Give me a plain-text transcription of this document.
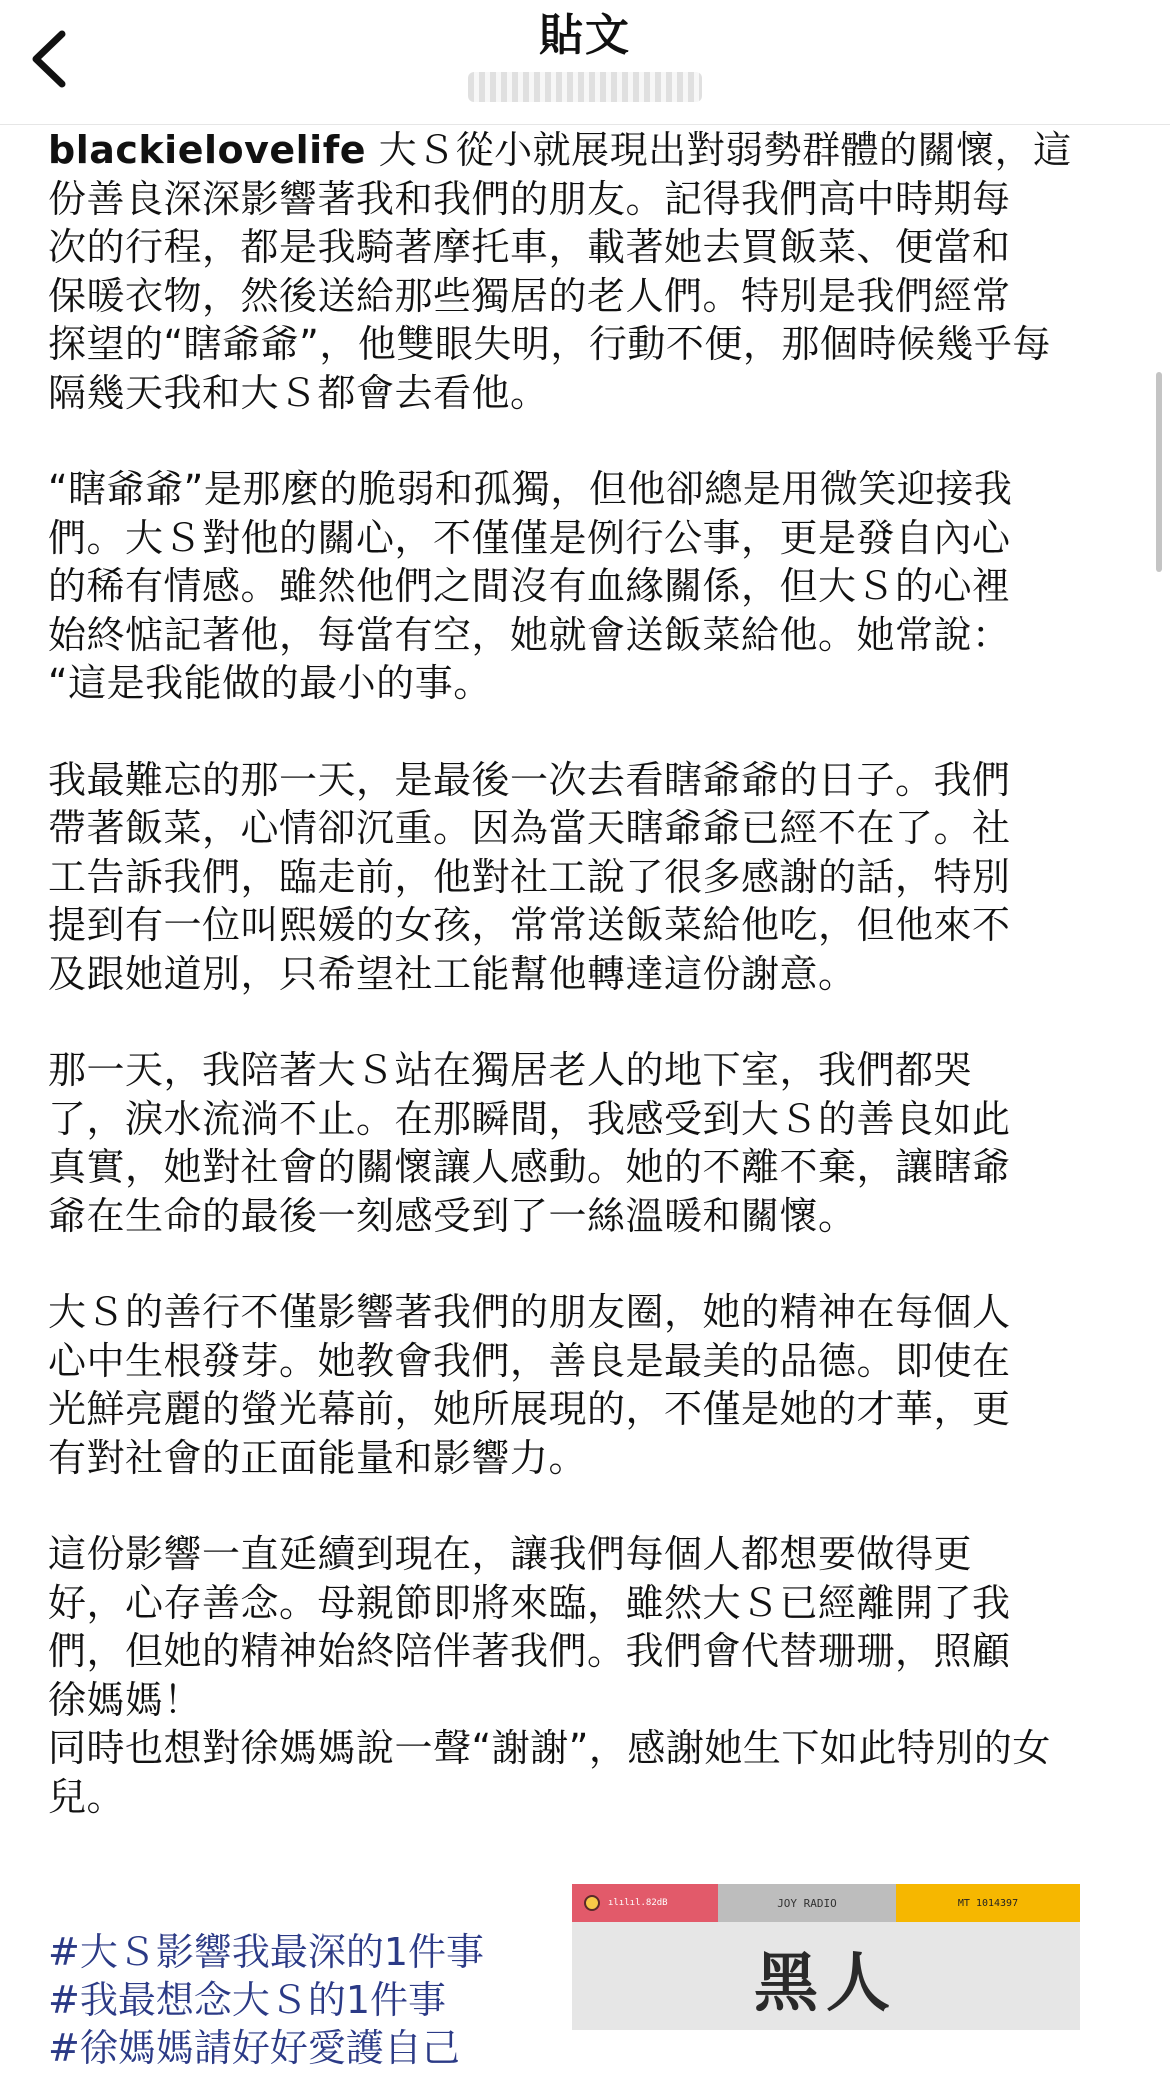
貼文

blackielovelife 大Ｓ從小就展現出對弱勢群體的關懷，這
份善良深深影響著我和我們的朋友。記得我們高中時期每
次的行程，都是我騎著摩托車，載著她去買飯菜、便當和
保暖衣物，然後送給那些獨居的老人們。特別是我們經常
探望的“瞎爺爺”，他雙眼失明，行動不便，那個時候幾乎每
隔幾天我和大Ｓ都會去看他。

“瞎爺爺”是那麼的脆弱和孤獨，但他卻總是用微笑迎接我
們。大Ｓ對他的關心，不僅僅是例行公事，更是發自內心
的稀有情感。雖然他們之間沒有血緣關係，但大Ｓ的心裡
始終惦記著他，每當有空，她就會送飯菜給他。她常說：
“這是我能做的最小的事。

我最難忘的那一天，是最後一次去看瞎爺爺的日子。我們
帶著飯菜，心情卻沉重。因為當天瞎爺爺已經不在了。社
工告訴我們，臨走前，他對社工說了很多感謝的話，特別
提到有一位叫熙媛的女孩，常常送飯菜給他吃，但他來不
及跟她道別，只希望社工能幫他轉達這份謝意。

那一天，我陪著大Ｓ站在獨居老人的地下室，我們都哭
了，淚水流淌不止。在那瞬間，我感受到大Ｓ的善良如此
真實，她對社會的關懷讓人感動。她的不離不棄，讓瞎爺
爺在生命的最後一刻感受到了一絲溫暖和關懷。

大Ｓ的善行不僅影響著我們的朋友圈，她的精神在每個人
心中生根發芽。她教會我們，善良是最美的品德。即使在
光鮮亮麗的螢光幕前，她所展現的，不僅是她的才華，更
有對社會的正面能量和影響力。

這份影響一直延續到現在，讓我們每個人都想要做得更
好，心存善念。母親節即將來臨，雖然大Ｓ已經離開了我
們，但她的精神始終陪伴著我們。我們會代替珊珊，照顧
徐媽媽！

同時也想對徐媽媽說一聲“謝謝”，感謝她生下如此特別的女
兒。

#大Ｓ影響我最深的1件事
#我最想念大Ｓ的1件事
#徐媽媽請好好愛護自己
ılılıl.82dB	JOY RADIO	MT 1014397
黑人
